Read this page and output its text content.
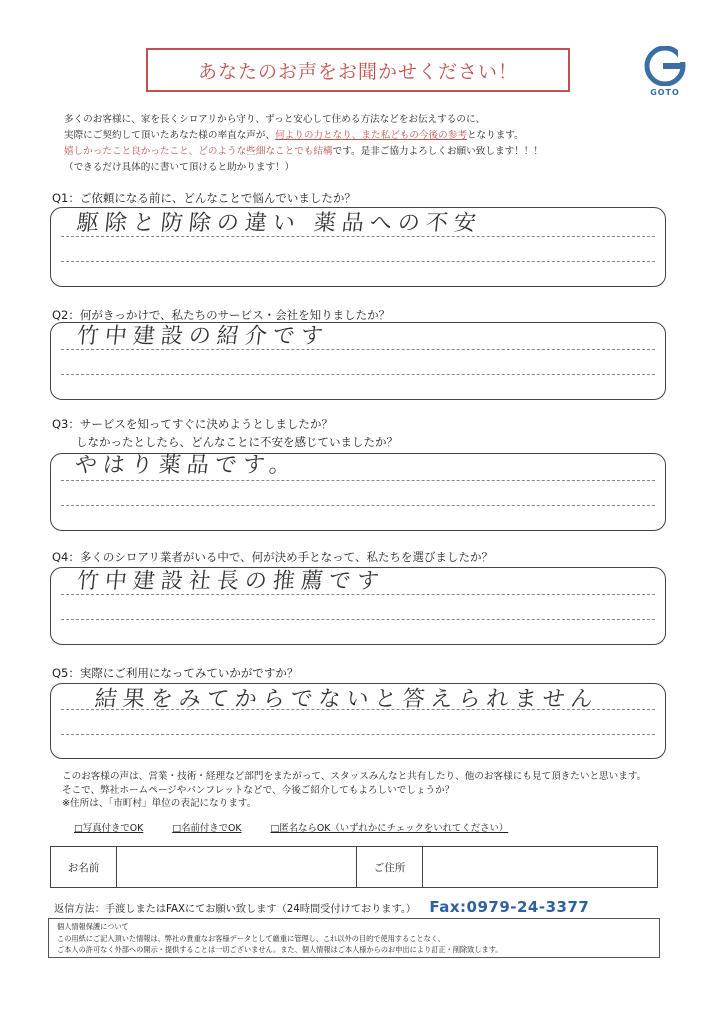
あなたのお声をお聞かせください！
GOTO
多くのお客様に、家を長くシロアリから守り、ずっと安心して住める方法などをお伝えするのに、
実際にご契約して頂いたあなた様の率直な声が、何よりの力となり、また私どもの今後の参考となります。
嬉しかったこと良かったこと、どのような些細なことでも結構です。是非ご協力よろしくお願い致します！！！
（できるだけ具体的に書いて頂けると助かります！）
Q1：ご依頼になる前に、どんなことで悩んでいましたか？
駆除と防除の違い 薬品への不安
Q2：何がきっかけで、私たちのサービス・会社を知りましたか？
竹中建設の紹介です
Q3：サービスを知ってすぐに決めようとしましたか？
しなかったとしたら、どんなことに不安を感じていましたか？
やはり薬品です。
Q4：多くのシロアリ業者がいる中で、何が決め手となって、私たちを選びましたか？
竹中建設社長の推薦です
Q5：実際にご利用になってみていかがですか？
結果をみてからでないと答えられません
このお客様の声は、営業・技術・経理など部門をまたがって、スタッスみんなと共有したり、他のお客様にも見て頂きたいと思います。
そこで、弊社ホームページやパンフレットなどで、今後ご紹介してもよろしいでしょうか？
※住所は、「市町村」単位の表記になります。
□写真付きでOK	□名前付きでOK	□匿名ならOK（いずれかにチェックをいれてください）
お名前	ご住所
返信方法：手渡しまたはFAXにてお願い致します（24時間受付けております。） Fax:0979-24-3377
個人情報保護について
この用紙にご記入頂いた情報は、弊社の貴重なお客様データとして厳重に管理し、これ以外の目的で使用することなく、
ご本人の許可なく外部への開示・提供することは一切ございません。また、個人情報はご本人様からのお申出により訂正・削除致します。
